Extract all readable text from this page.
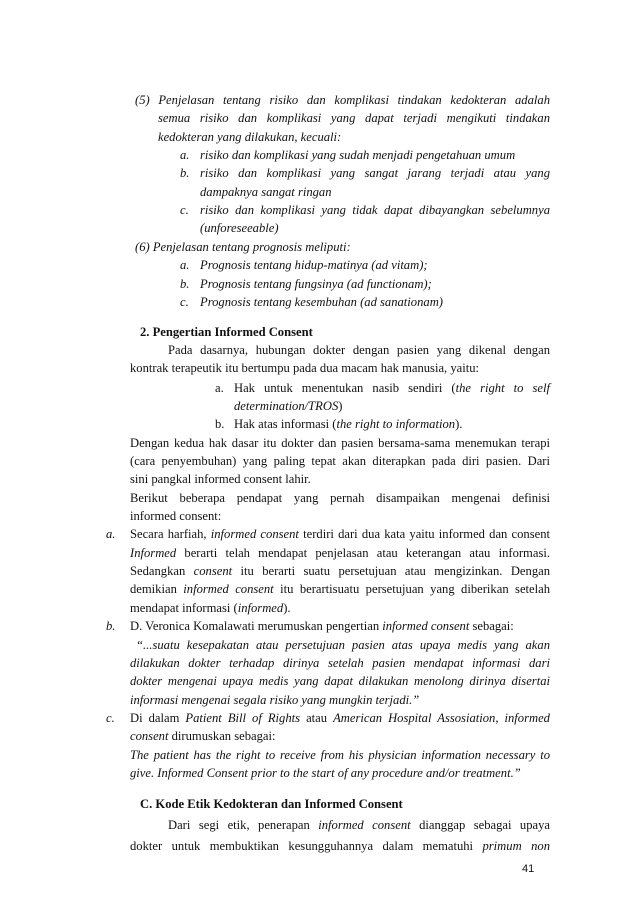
(5) Penjelasan tentang risiko dan komplikasi tindakan kedokteran adalah
semua risiko dan komplikasi yang dapat terjadi mengikuti tindakan
kedokteran yang dilakukan, kecuali:
a. risiko dan komplikasi yang sudah menjadi pengetahuan umum
b. risiko dan komplikasi yang sangat jarang terjadi atau yang
dampaknya sangat ringan
c. risiko dan komplikasi yang tidak dapat dibayangkan sebelumnya
(unforeseeable)
(6) Penjelasan tentang prognosis meliputi:
a. Prognosis tentang hidup-matinya (ad vitam);
b. Prognosis tentang fungsinya (ad functionam);
c. Prognosis tentang kesembuhan (ad sanationam)
2. Pengertian Informed Consent
Pada dasarnya, hubungan dokter dengan pasien yang dikenal dengan
kontrak terapeutik itu bertumpu pada dua macam hak manusia, yaitu:
a. Hak untuk menentukan nasib sendiri (the right to self
determination/TROS)
b. Hak atas informasi (the right to information).
Dengan kedua hak dasar itu dokter dan pasien bersama-sama menemukan terapi
(cara penyembuhan) yang paling tepat akan diterapkan pada diri pasien. Dari
sini pangkal informed consent lahir.
Berikut beberapa pendapat yang pernah disampaikan mengenai definisi
informed consent:
a. Secara harfiah, informed consent terdiri dari dua kata yaitu informed dan consent
Informed berarti telah mendapat penjelasan atau keterangan atau informasi.
Sedangkan consent itu berarti suatu persetujuan atau mengizinkan. Dengan
demikian informed consent itu berartisuatu persetujuan yang diberikan setelah
mendapat informasi (informed).
b. D. Veronica Komalawati merumuskan pengertian informed consent sebagai:
“...suatu kesepakatan atau persetujuan pasien atas upaya medis yang akan
dilakukan dokter terhadap dirinya setelah pasien mendapat informasi dari
dokter mengenai upaya medis yang dapat dilakukan menolong dirinya disertai
informasi mengenai segala risiko yang mungkin terjadi.”
c. Di dalam Patient Bill of Rights atau American Hospital Assosiation, informed
consent dirumuskan sebagai:
The patient has the right to receive from his physician information necessary to
give. Informed Consent prior to the start of any procedure and/or treatment.”
41
C. Kode Etik Kedokteran dan Informed Consent
Dari segi etik, penerapan informed consent dianggap sebagai upaya
dokter untuk membuktikan kesungguhannya dalam mematuhi primum non
